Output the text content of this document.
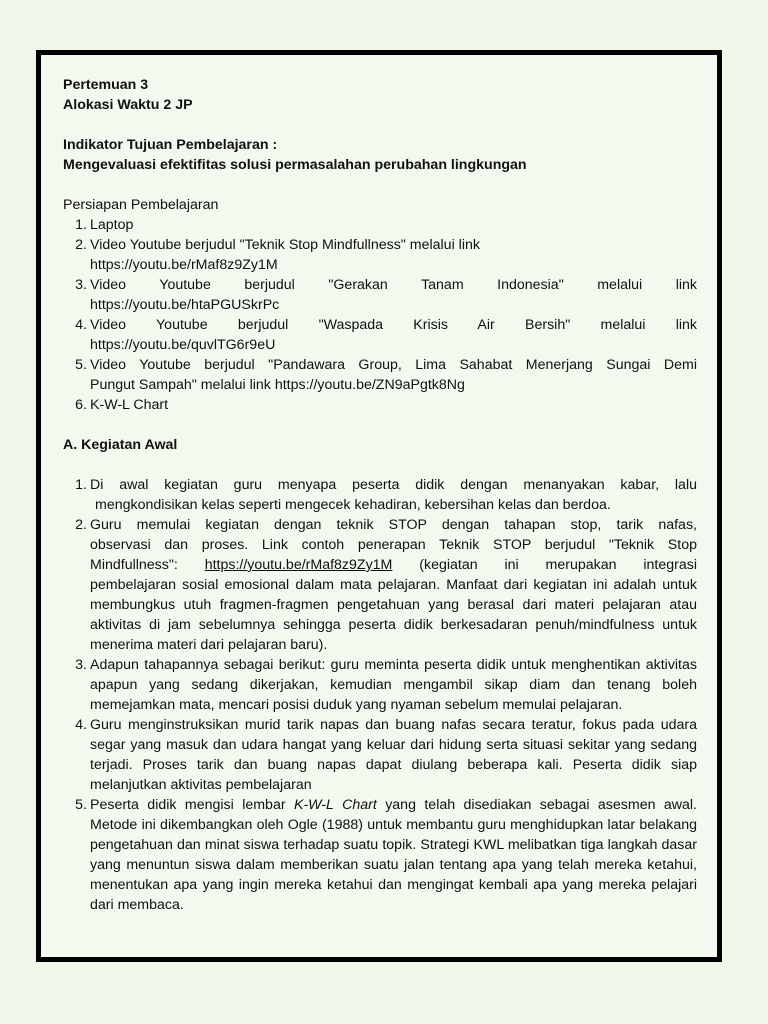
Pertemuan 3
Alokasi Waktu 2 JP
Indikator Tujuan Pembelajaran :
Mengevaluasi efektifitas solusi permasalahan perubahan lingkungan
Persiapan Pembelajaran
1. Laptop
2. Video Youtube berjudul "Teknik Stop Mindfullness" melalui link
https://youtu.be/rMaf8z9Zy1M
3. Video Youtube berjudul "Gerakan Tanam Indonesia" melalui link
https://youtu.be/htaPGUSkrPc
4. Video Youtube berjudul "Waspada Krisis Air Bersih" melalui link
https://youtu.be/quvlTG6r9eU
5. Video Youtube berjudul "Pandawara Group, Lima Sahabat Menerjang Sungai Demi
Pungut Sampah" melalui link https://youtu.be/ZN9aPgtk8Ng
6. K-W-L Chart
A. Kegiatan Awal
1. Di awal kegiatan guru menyapa peserta didik dengan menanyakan kabar, lalu
mengkondisikan kelas seperti mengecek kehadiran, kebersihan kelas dan berdoa.
2. Guru memulai kegiatan dengan teknik STOP dengan tahapan stop, tarik nafas,
observasi dan proses. Link contoh penerapan Teknik STOP berjudul "Teknik Stop
Mindfullness": https://youtu.be/rMaf8z9Zy1M (kegiatan ini merupakan integrasi
pembelajaran sosial emosional dalam mata pelajaran. Manfaat dari kegiatan ini adalah untuk membungkus utuh fragmen-fragmen pengetahuan yang berasal dari materi pelajaran atau aktivitas di jam sebelumnya sehingga peserta didik berkesadaran penuh/mindfulness untuk menerima materi dari pelajaran baru).
3. Adapun tahapannya sebagai berikut: guru meminta peserta didik untuk menghentikan aktivitas apapun yang sedang dikerjakan, kemudian mengambil sikap diam dan tenang boleh memejamkan mata, mencari posisi duduk yang nyaman sebelum memulai pelajaran.
4. Guru menginstruksikan murid tarik napas dan buang nafas secara teratur, fokus pada udara segar yang masuk dan udara hangat yang keluar dari hidung serta situasi sekitar yang sedang terjadi. Proses tarik dan buang napas dapat diulang beberapa kali. Peserta didik siap melanjutkan aktivitas pembelajaran
5. Peserta didik mengisi lembar K-W-L Chart yang telah disediakan sebagai asesmen awal. Metode ini dikembangkan oleh Ogle (1988) untuk membantu guru menghidupkan latar belakang pengetahuan dan minat siswa terhadap suatu topik. Strategi KWL melibatkan tiga langkah dasar yang menuntun siswa dalam memberikan suatu jalan tentang apa yang telah mereka ketahui, menentukan apa yang ingin mereka ketahui dan mengingat kembali apa yang mereka pelajari dari membaca.
